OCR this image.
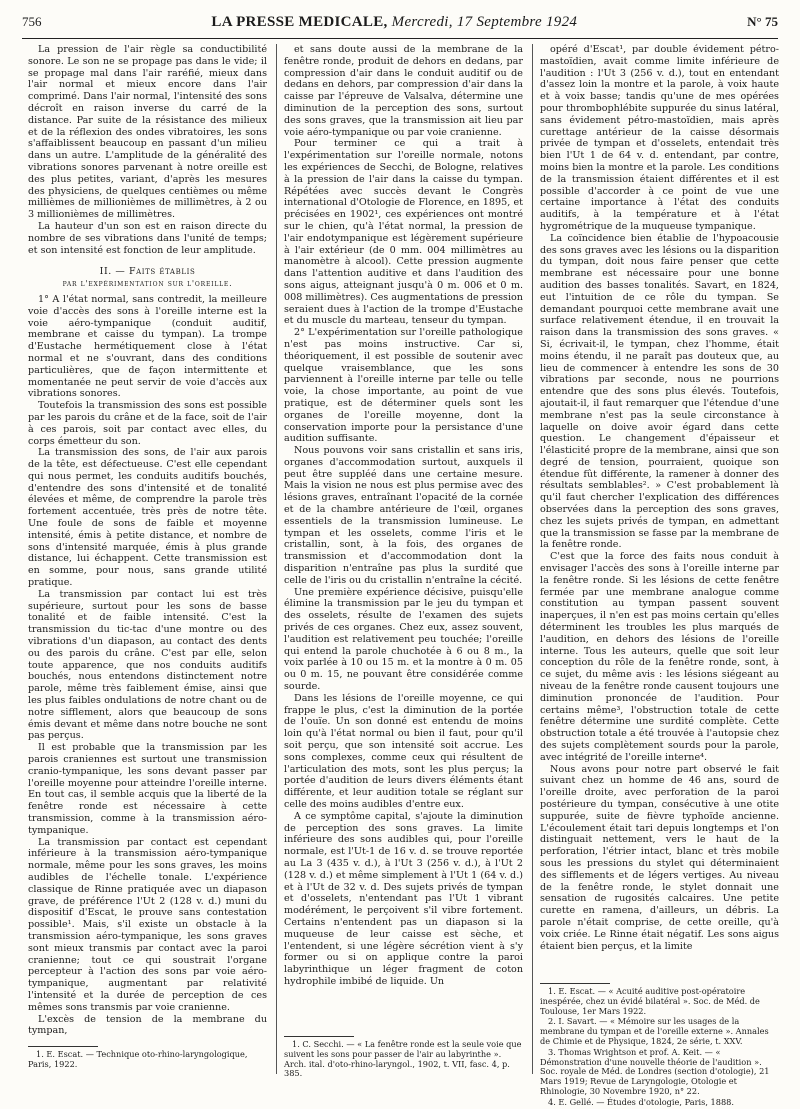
756	LA PRESSE MEDICALE, Mercredi, 17 Septembre 1924	N° 75

La pression de l'air règle sa conductibilité sonore. Le son ne se propage pas dans le vide; il se propage mal dans l'air raréfié, mieux dans l'air normal et mieux encore dans l'air comprimé. Dans l'air normal, l'intensité des sons décroît en raison inverse du carré de la distance. Par suite de la résistance des milieux et de la réflexion des ondes vibratoires, les sons s'affaiblissent beaucoup en passant d'un milieu dans un autre. L'amplitude de la généralité des vibrations sonores parvenant à notre oreille est des plus petites, variant, d'après les mesures des physiciens, de quelques centièmes ou même millièmes de millionièmes de millimètres, à 2 ou 3 millionièmes de millimètres.

La hauteur d'un son est en raison directe du nombre de ses vibrations dans l'unité de temps; et son intensité est fonction de leur amplitude.

II. — Faits établis
par l'expérimentation sur l'oreille.

1° A l'état normal, sans contredit, la meilleure voie d'accès des sons à l'oreille interne est la voie aéro-tympanique (conduit auditif, membrane et caisse du tympan). La trompe d'Eustache hermétiquement close à l'état normal et ne s'ouvrant, dans des conditions particulières, que de façon intermittente et momentanée ne peut servir de voie d'accès aux vibrations sonores.

Toutefois la transmission des sons est possible par les parois du crâne et de la face, soit de l'air à ces parois, soit par contact avec elles, du corps émetteur du son.

La transmission des sons, de l'air aux parois de la tête, est défectueuse. C'est elle cependant qui nous permet, les conduits auditifs bouchés, d'entendre des sons d'intensité et de tonalité élevées et même, de comprendre la parole très fortement accentuée, très près de notre tête. Une foule de sons de faible et moyenne intensité, émis à petite distance, et nombre de sons d'intensité marquée, émis à plus grande distance, lui échappent. Cette transmission est en somme, pour nous, sans grande utilité pratique.

La transmission par contact lui est très supérieure, surtout pour les sons de basse tonalité et de faible intensité. C'est la transmission du tic-tac d'une montre ou des vibrations d'un diapason, au contact des dents ou des parois du crâne. C'est par elle, selon toute apparence, que nos conduits auditifs bouchés, nous entendons distinctement notre parole, même très faiblement émise, ainsi que les plus faibles ondulations de notre chant ou de notre sifflement, alors que beaucoup de sons émis devant et même dans notre bouche ne sont pas perçus.

Il est probable que la transmission par les parois craniennes est surtout une transmission cranio-tympanique, les sons devant passer par l'oreille moyenne pour atteindre l'oreille interne. En tout cas, il semble acquis que la liberté de la fenêtre ronde est nécessaire à cette transmission, comme à la transmission aéro-tympanique.

La transmission par contact est cependant inférieure à la transmission aéro-tympanique normale, même pour les sons graves, les moins audibles de l'échelle tonale. L'expérience classique de Rinne pratiquée avec un diapason grave, de préférence l'Ut 2 (128 v. d.) muni du dispositif d'Escat, le prouve sans contestation possible¹. Mais, s'il existe un obstacle à la transmission aéro-tympanique, les sons graves sont mieux transmis par contact avec la paroi cranienne; tout ce qui soustrait l'organe percepteur à l'action des sons par voie aéro-tympanique, augmentant par relativité l'intensité et la durée de perception de ces mêmes sons transmis par voie cranienne.

L'excès de tension de la membrane du tympan,

1. E. Escat. — Technique oto-rhino-laryngologique, Paris, 1922.

et sans doute aussi de la membrane de la fenêtre ronde, produit de dehors en dedans, par compression d'air dans le conduit auditif ou de dedans en dehors, par compression d'air dans la caisse par l'épreuve de Valsalva, détermine une diminution de la perception des sons, surtout des sons graves, que la transmission ait lieu par voie aéro-tympanique ou par voie cranienne.

Pour terminer ce qui a trait à l'expérimentation sur l'oreille normale, notons les expériences de Secchi, de Bologne, relatives à la pression de l'air dans la caisse du tympan. Répétées avec succès devant le Congrès international d'Otologie de Florence, en 1895, et précisées en 1902¹, ces expériences ont montré sur le chien, qu'à l'état normal, la pression de l'air endotympanique est légèrement supérieure à l'air extérieur (de 0 mm. 004 millimètres au manomètre à alcool). Cette pression augmente dans l'attention auditive et dans l'audition des sons aigus, atteignant jusqu'à 0 m. 006 et 0 m. 008 millimètres). Ces augmentations de pression seraient dues à l'action de la trompe d'Eustache et du muscle du marteau, tenseur du tympan.

2° L'expérimentation sur l'oreille pathologique n'est pas moins instructive. Car si, théoriquement, il est possible de soutenir avec quelque vraisemblance, que les sons parviennent à l'oreille interne par telle ou telle voie, la chose importante, au point de vue pratique, est de déterminer quels sont les organes de l'oreille moyenne, dont la conservation importe pour la persistance d'une audition suffisante.

Nous pouvons voir sans cristallin et sans iris, organes d'accommodation surtout, auxquels il peut être suppléé dans une certaine mesure. Mais la vision ne nous est plus permise avec des lésions graves, entraînant l'opacité de la cornée et de la chambre antérieure de l'œil, organes essentiels de la transmission lumineuse. Le tympan et les osselets, comme l'iris et le cristallin, sont, à la fois, des organes de transmission et d'accommodation dont la disparition n'entraîne pas plus la surdité que celle de l'iris ou du cristallin n'entraîne la cécité.

Une première expérience décisive, puisqu'elle élimine la transmission par le jeu du tympan et des osselets, résulte de l'examen des sujets privés de ces organes. Chez eux, assez souvent, l'audition est relativement peu touchée; l'oreille qui entend la parole chuchotée à 6 ou 8 m., la voix parlée à 10 ou 15 m. et la montre à 0 m. 05 ou 0 m. 15, ne pouvant être considérée comme sourde.

Dans les lésions de l'oreille moyenne, ce qui frappe le plus, c'est la diminution de la portée de l'ouïe. Un son donné est entendu de moins loin qu'à l'état normal ou bien il faut, pour qu'il soit perçu, que son intensité soit accrue. Les sons complexes, comme ceux qui résultent de l'articulation des mots, sont les plus perçus; la portée d'audition de leurs divers éléments étant différente, et leur audition totale se réglant sur celle des moins audibles d'entre eux.

A ce symptôme capital, s'ajoute la diminution de perception des sons graves. La limite inférieure des sons audibles qui, pour l'oreille normale, est l'Ut-1 de 16 v. d. se trouve reportée au La 3 (435 v. d.), à l'Ut 3 (256 v. d.), à l'Ut 2 (128 v. d.) et même simplement à l'Ut 1 (64 v. d.) et à l'Ut de 32 v. d. Des sujets privés de tympan et d'osselets, n'entendant pas l'Ut 1 vibrant modérément, le perçoivent s'il vibre fortement. Certains n'entendent pas un diapason si la muqueuse de leur caisse est sèche, et l'entendent, si une légère sécrétion vient à s'y former ou si on applique contre la paroi labyrinthique un léger fragment de coton hydrophile imbibé de liquide. Un

1. C. Secchi. — « La fenêtre ronde est la seule voie que suivent les sons pour passer de l'air au labyrinthe ». Arch. ital. d'oto-rhino-laryngol., 1902, t. VII, fasc. 4, p. 385.

opéré d'Escat¹, par double évidement pétro-mastoïdien, avait comme limite inférieure de l'audition : l'Ut 3 (256 v. d.), tout en entendant d'assez loin la montre et la parole, à voix haute et à voix basse; tandis qu'une de mes opérées pour thrombophlébite suppurée du sinus latéral, sans évidement pétro-mastoïdien, mais après curettage antérieur de la caisse désormais privée de tympan et d'osselets, entendait très bien l'Ut 1 de 64 v. d. entendant, par contre, moins bien la montre et la parole. Les conditions de la transmission étaient différentes et il est possible d'accorder à ce point de vue une certaine importance à l'état des conduits auditifs, à la température et à l'état hygrométrique de la muqueuse tympanique.

La coïncidence bien établie de l'hypoacousie des sons graves avec les lésions ou la disparition du tympan, doit nous faire penser que cette membrane est nécessaire pour une bonne audition des basses tonalités. Savart, en 1824, eut l'intuition de ce rôle du tympan. Se demandant pourquoi cette membrane avait une surface relativement étendue, il en trouvait la raison dans la transmission des sons graves. « Si, écrivait-il, le tympan, chez l'homme, était moins étendu, il ne paraît pas douteux que, au lieu de commencer à entendre les sons de 30 vibrations par seconde, nous ne pourrions entendre que des sons plus élevés. Toutefois, ajoutait-il, il faut remarquer que l'étendue d'une membrane n'est pas la seule circonstance à laquelle on doive avoir égard dans cette question. Le changement d'épaisseur et l'élasticité propre de la membrane, ainsi que son degré de tension, pourraient, quoique son étendue fût différente, la ramener à donner des résultats semblables². » C'est probablement là qu'il faut chercher l'explication des différences observées dans la perception des sons graves, chez les sujets privés de tympan, en admettant que la transmission se fasse par la membrane de la fenêtre ronde.

C'est que la force des faits nous conduit à envisager l'accès des sons à l'oreille interne par la fenêtre ronde. Si les lésions de cette fenêtre fermée par une membrane analogue comme constitution au tympan passent souvent inaperçues, il n'en est pas moins certain qu'elles déterminent les troubles les plus marqués de l'audition, en dehors des lésions de l'oreille interne. Tous les auteurs, quelle que soit leur conception du rôle de la fenêtre ronde, sont, à ce sujet, du même avis : les lésions siégeant au niveau de la fenêtre ronde causent toujours une diminution prononcée de l'audition. Pour certains même³, l'obstruction totale de cette fenêtre détermine une surdité complète. Cette obstruction totale a été trouvée à l'autopsie chez des sujets complètement sourds pour la parole, avec intégrité de l'oreille interne⁴.

Nous avons pour notre part observé le fait suivant chez un homme de 46 ans, sourd de l'oreille droite, avec perforation de la paroi postérieure du tympan, consécutive à une otite suppurée, suite de fièvre typhoïde ancienne. L'écoulement était tari depuis longtemps et l'on distinguait nettement, vers le haut de la perforation, l'étrier intact, blanc et très mobile sous les pressions du stylet qui déterminaient des sifflements et de légers vertiges. Au niveau de la fenêtre ronde, le stylet donnait une sensation de rugosités calcaires. Une petite curette en ramena, d'ailleurs, un débris. La parole n'était comprise, de cette oreille, qu'à voix criée. Le Rinne était négatif. Les sons aigus étaient bien perçus, et la limite

1. E. Escat. — « Acuité auditive post-opératoire inespérée, chez un évidé bilatéral ». Soc. de Méd. de Toulouse, 1er Mars 1922.

2. I. Savart. — « Mémoire sur les usages de la membrane du tympan et de l'oreille externe ». Annales de Chimie et de Physique, 1824, 2e série, t. XXV.

3. Thomas Wrightson et prof. A. Keit. — « Démonstration d'une nouvelle théorie de l'audition ». Soc. royale de Méd. de Londres (section d'otologie), 21 Mars 1919; Revue de Laryngologie, Otologie et Rhinologie, 30 Novembre 1920, n° 22.

4. E. Gellé. — Études d'otologie, Paris, 1888.
